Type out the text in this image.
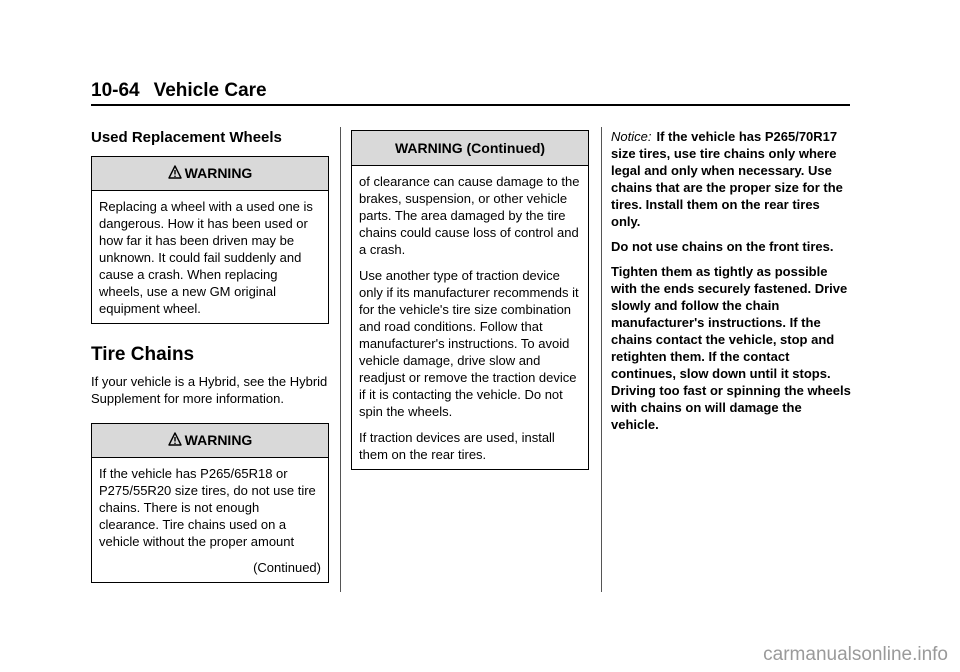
10-64 Vehicle Care
Used Replacement Wheels
WARNING

Replacing a wheel with a used one is dangerous. How it has been used or how far it has been driven may be unknown. It could fail suddenly and cause a crash. When replacing wheels, use a new GM original equipment wheel.

Tire Chains

If your vehicle is a Hybrid, see the Hybrid Supplement for more information.

WARNING

If the vehicle has P265/65R18 or P275/55R20 size tires, do not use tire chains. There is not enough clearance. Tire chains used on a vehicle without the proper amount

(Continued)

WARNING (Continued)

of clearance can cause damage to the brakes, suspension, or other vehicle parts. The area damaged by the tire chains could cause loss of control and a crash.

Use another type of traction device only if its manufacturer recommends it for the vehicle's tire size combination and road conditions. Follow that manufacturer's instructions. To avoid vehicle damage, drive slow and readjust or remove the traction device if it is contacting the vehicle. Do not spin the wheels.

If traction devices are used, install them on the rear tires.

Notice: If the vehicle has P265/70R17 size tires, use tire chains only where legal and only when necessary. Use chains that are the proper size for the tires. Install them on the rear tires only.

Do not use chains on the front tires.

Tighten them as tightly as possible with the ends securely fastened. Drive slowly and follow the chain manufacturer's instructions. If the chains contact the vehicle, stop and retighten them. If the contact continues, slow down until it stops. Driving too fast or spinning the wheels with chains on will damage the vehicle.

carmanualsonline.info
